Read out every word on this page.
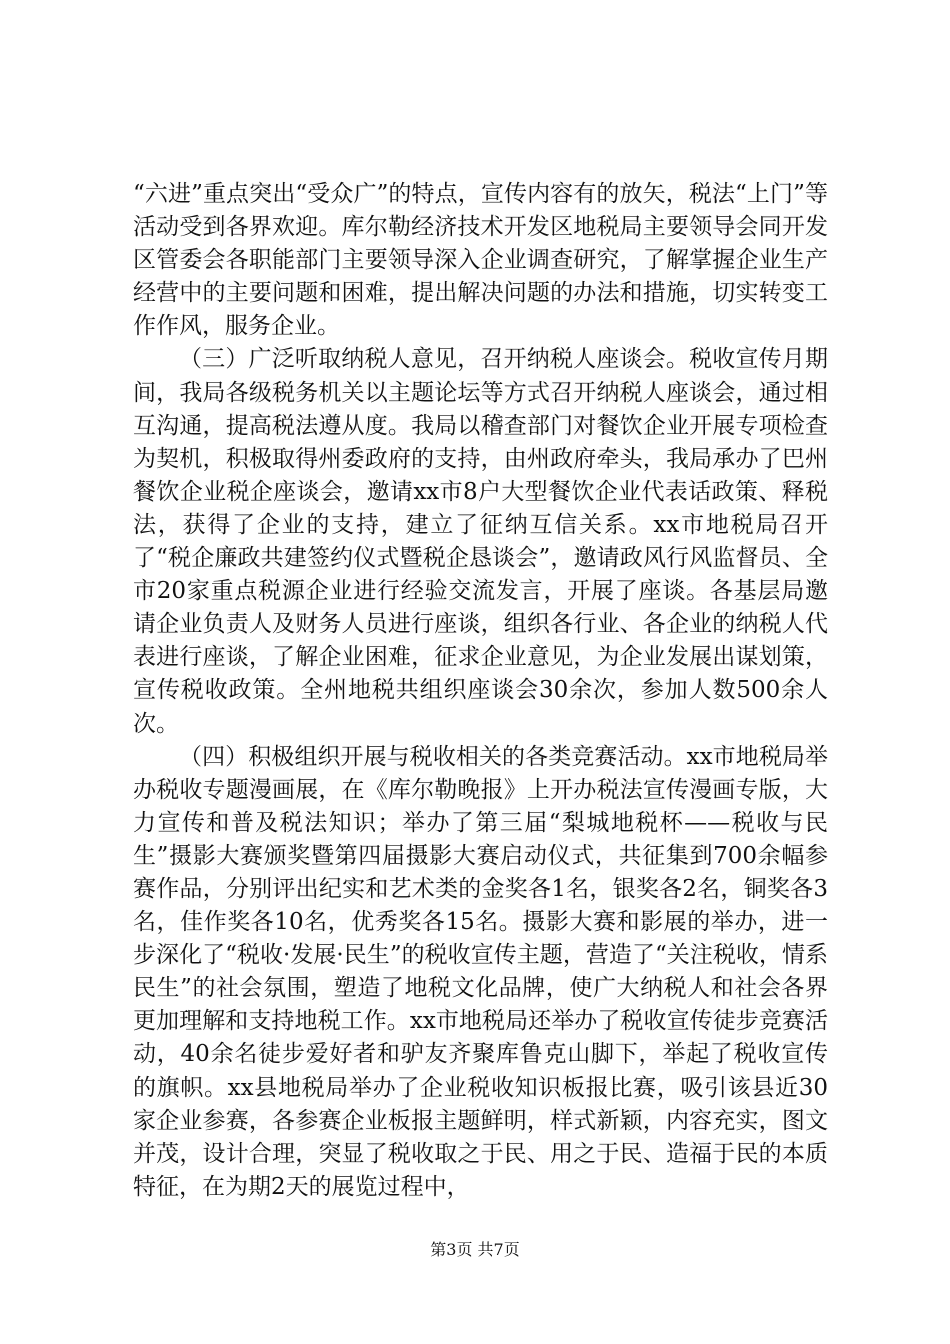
“六进”重点突出“受众广”的特点，宣传内容有的放矢，税法“上门”等活动受到各界欢迎。库尔勒经济技术开发区地税局主要领导会同开发区管委会各职能部门主要领导深入企业调查研究，了解掌握企业生产经营中的主要问题和困难，提出解决问题的办法和措施，切实转变工作作风，服务企业。

（三）广泛听取纳税人意见，召开纳税人座谈会。税收宣传月期间，我局各级税务机关以主题论坛等方式召开纳税人座谈会，通过相互沟通，提高税法遵从度。我局以稽查部门对餐饮企业开展专项检查为契机，积极取得州委政府的支持，由州政府牵头，我局承办了巴州餐饮企业税企座谈会，邀请xx市8户大型餐饮企业代表话政策、释税法，获得了企业的支持，建立了征纳互信关系。xx市地税局召开了“税企廉政共建签约仪式暨税企恳谈会”，邀请政风行风监督员、全市20家重点税源企业进行经验交流发言，开展了座谈。各基层局邀请企业负责人及财务人员进行座谈，组织各行业、各企业的纳税人代表进行座谈，了解企业困难，征求企业意见，为企业发展出谋划策，宣传税收政策。全州地税共组织座谈会30余次，参加人数500余人次。

（四）积极组织开展与税收相关的各类竞赛活动。xx市地税局举办税收专题漫画展，在《库尔勒晚报》上开办税法宣传漫画专版，大力宣传和普及税法知识；举办了第三届“梨城地税杯——税收与民生”摄影大赛颁奖暨第四届摄影大赛启动仪式，共征集到700余幅参赛作品，分别评出纪实和艺术类的金奖各1名，银奖各2名，铜奖各3名，佳作奖各10名，优秀奖各15名。摄影大赛和影展的举办，进一步深化了“税收·发展·民生”的税收宣传主题，营造了“关注税收，情系民生”的社会氛围，塑造了地税文化品牌，使广大纳税人和社会各界更加理解和支持地税工作。xx市地税局还举办了税收宣传徒步竞赛活动，40余名徒步爱好者和驴友齐聚库鲁克山脚下，举起了税收宣传的旗帜。xx县地税局举办了企业税收知识板报比赛，吸引该县近30家企业参赛，各参赛企业板报主题鲜明，样式新颖，内容充实，图文并茂，设计合理，突显了税收取之于民、用之于民、造福于民的本质特征，在为期2天的展览过程中，

第3页 共7页
